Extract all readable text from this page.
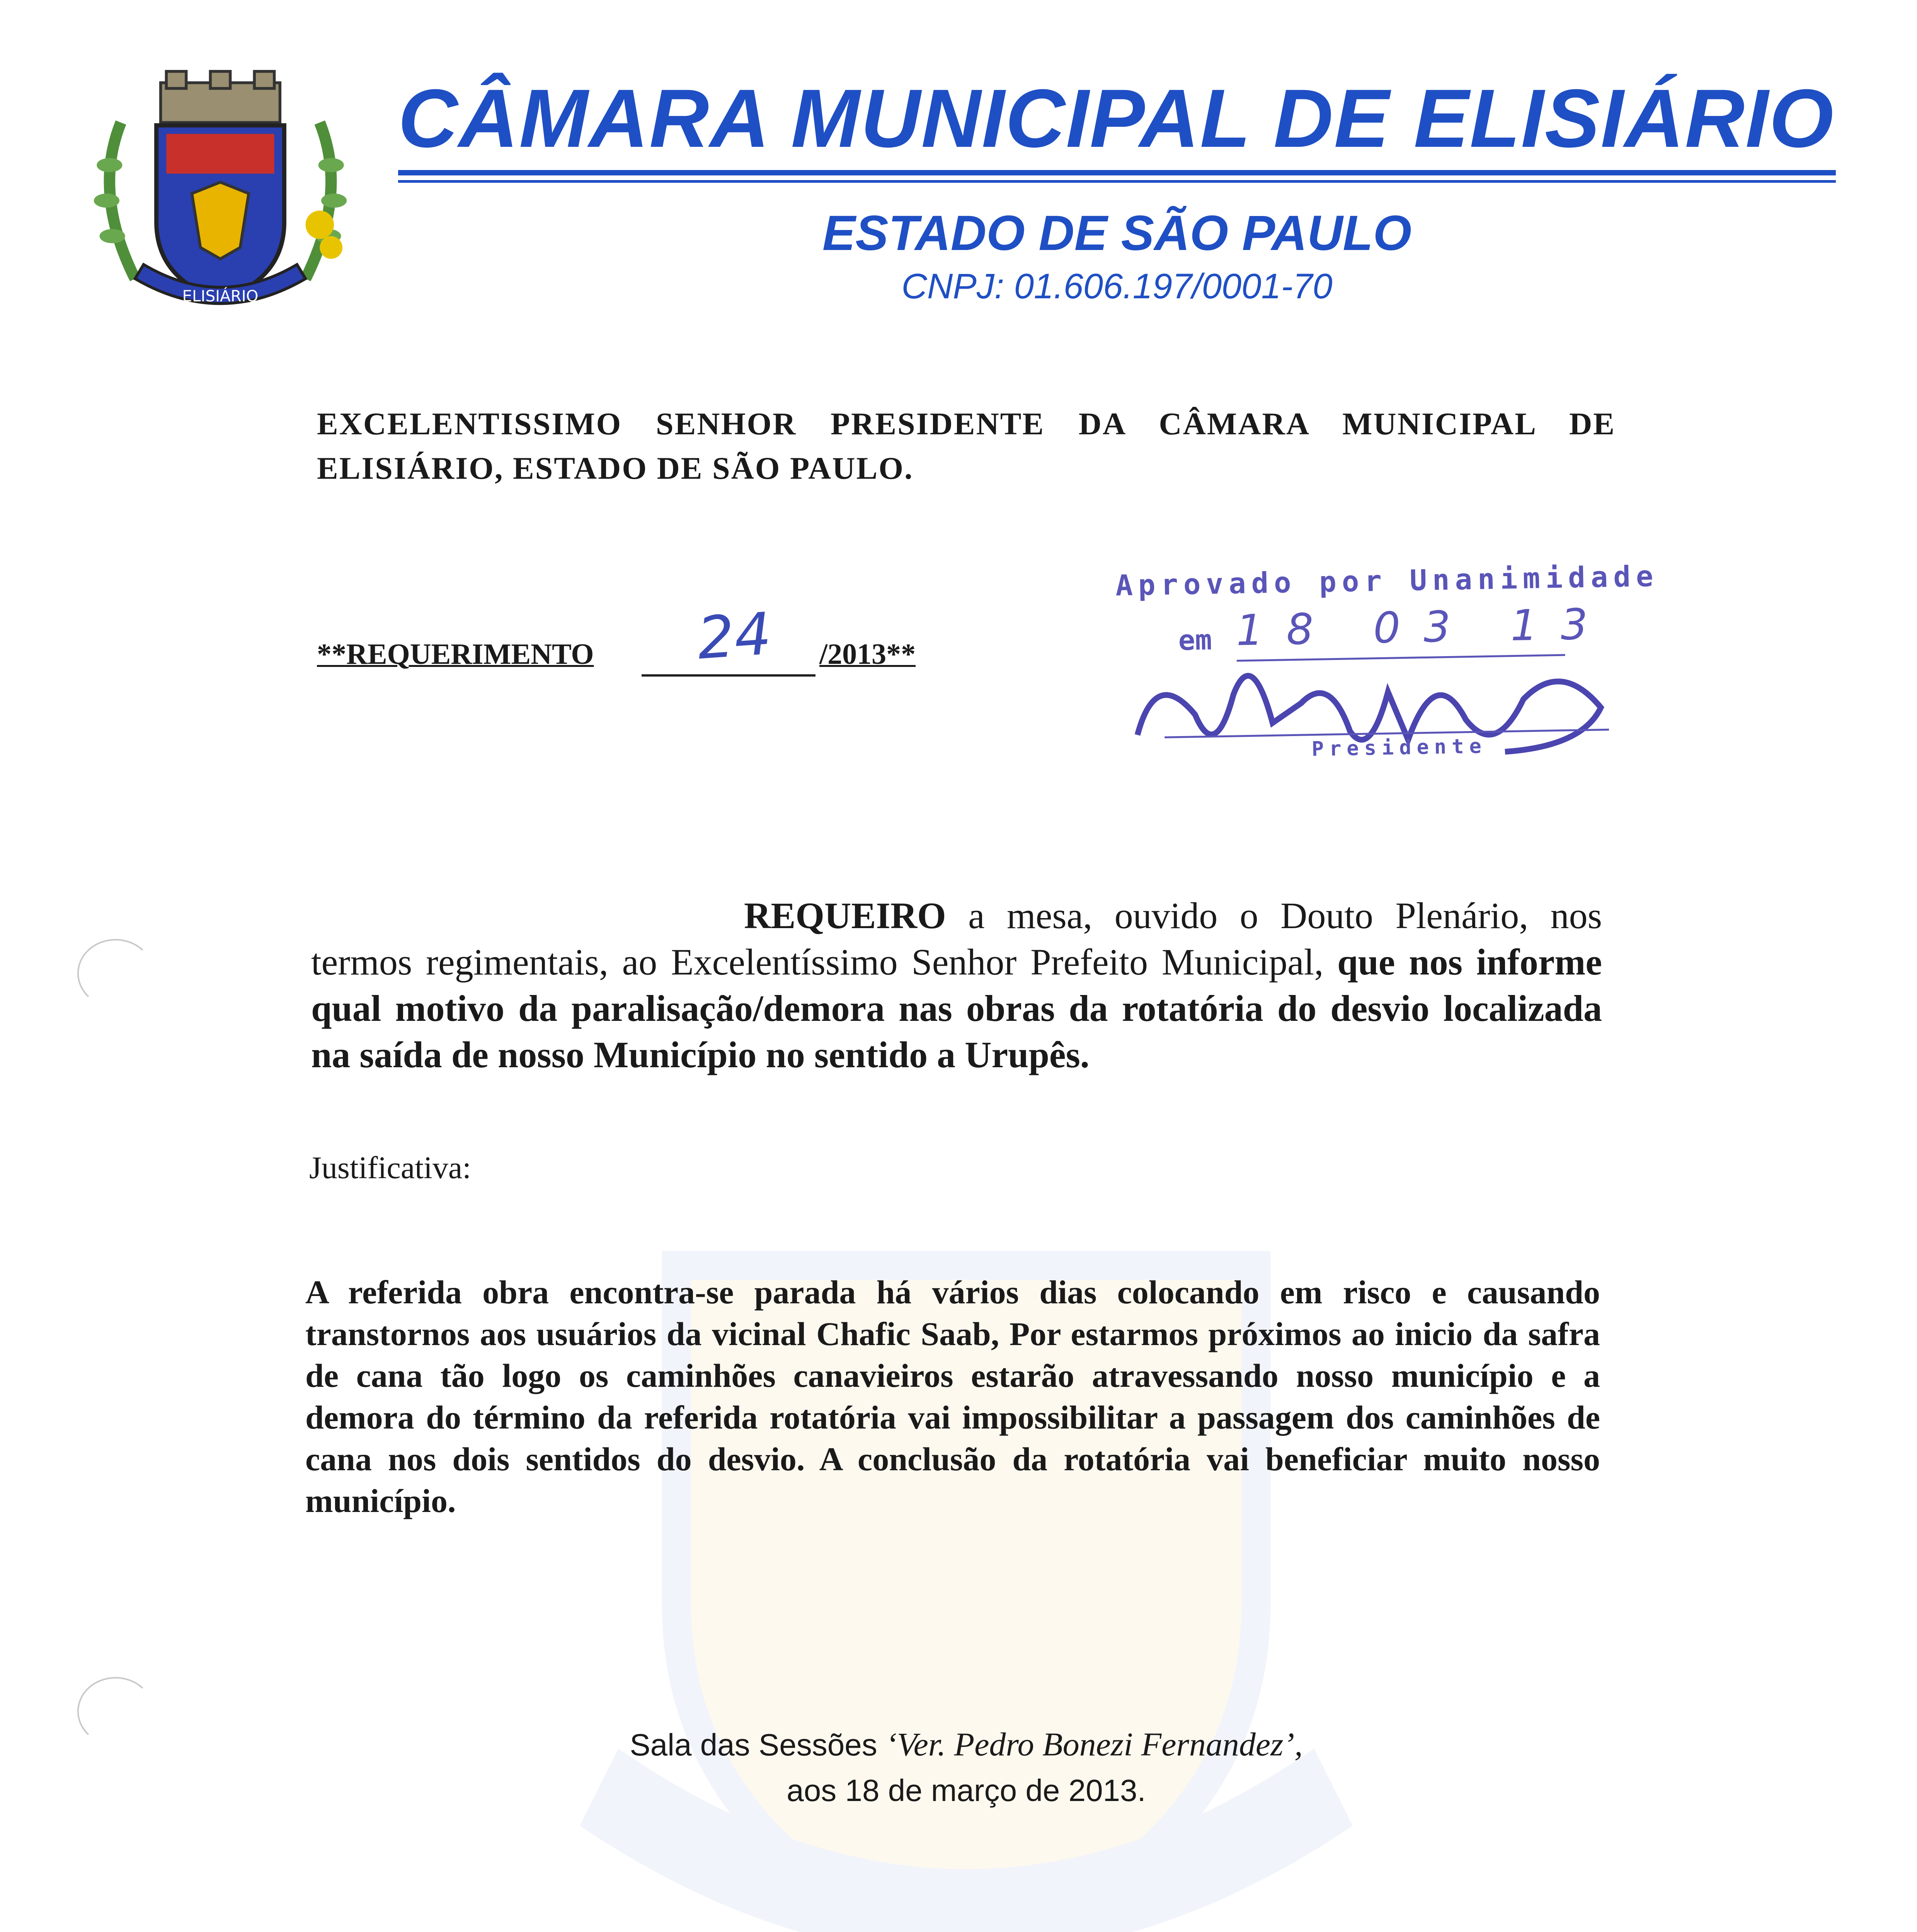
ELISIÁRIO
CÂMARA MUNICIPAL DE ELISIÁRIO
ESTADO DE SÃO PAULO
CNPJ: 01.606.197/0001-70
EXCELENTISSIMO SENHOR PRESIDENTE DA CÂMARA MUNICIPAL DE
ELISIÁRIO, ESTADO DE SÃO PAULO.
**REQUERIMENTO	24	/2013**
Aprovado por Unanimidade
em 18 03 13
Presidente
REQUEIRO a mesa, ouvido o Douto Plenário, nos termos regimentais, ao Excelentíssimo Senhor Prefeito Municipal, que nos informe qual motivo da paralisação/demora nas obras da rotatória do desvio localizada na saída de nosso Município no sentido a Urupês.
Justificativa:
A referida obra encontra-se parada há vários dias colocando em risco e causando transtornos aos usuários da vicinal Chafic Saab, Por estarmos próximos ao inicio da safra de cana tão logo os caminhões canavieiros estarão atravessando nosso município e a demora do término da referida rotatória vai impossibilitar a passagem dos caminhões de cana nos dois sentidos do desvio. A conclusão da rotatória vai beneficiar muito nosso município.
Sala das Sessões ‘Ver. Pedro Bonezi Fernandez’,
aos 18 de março de 2013.
